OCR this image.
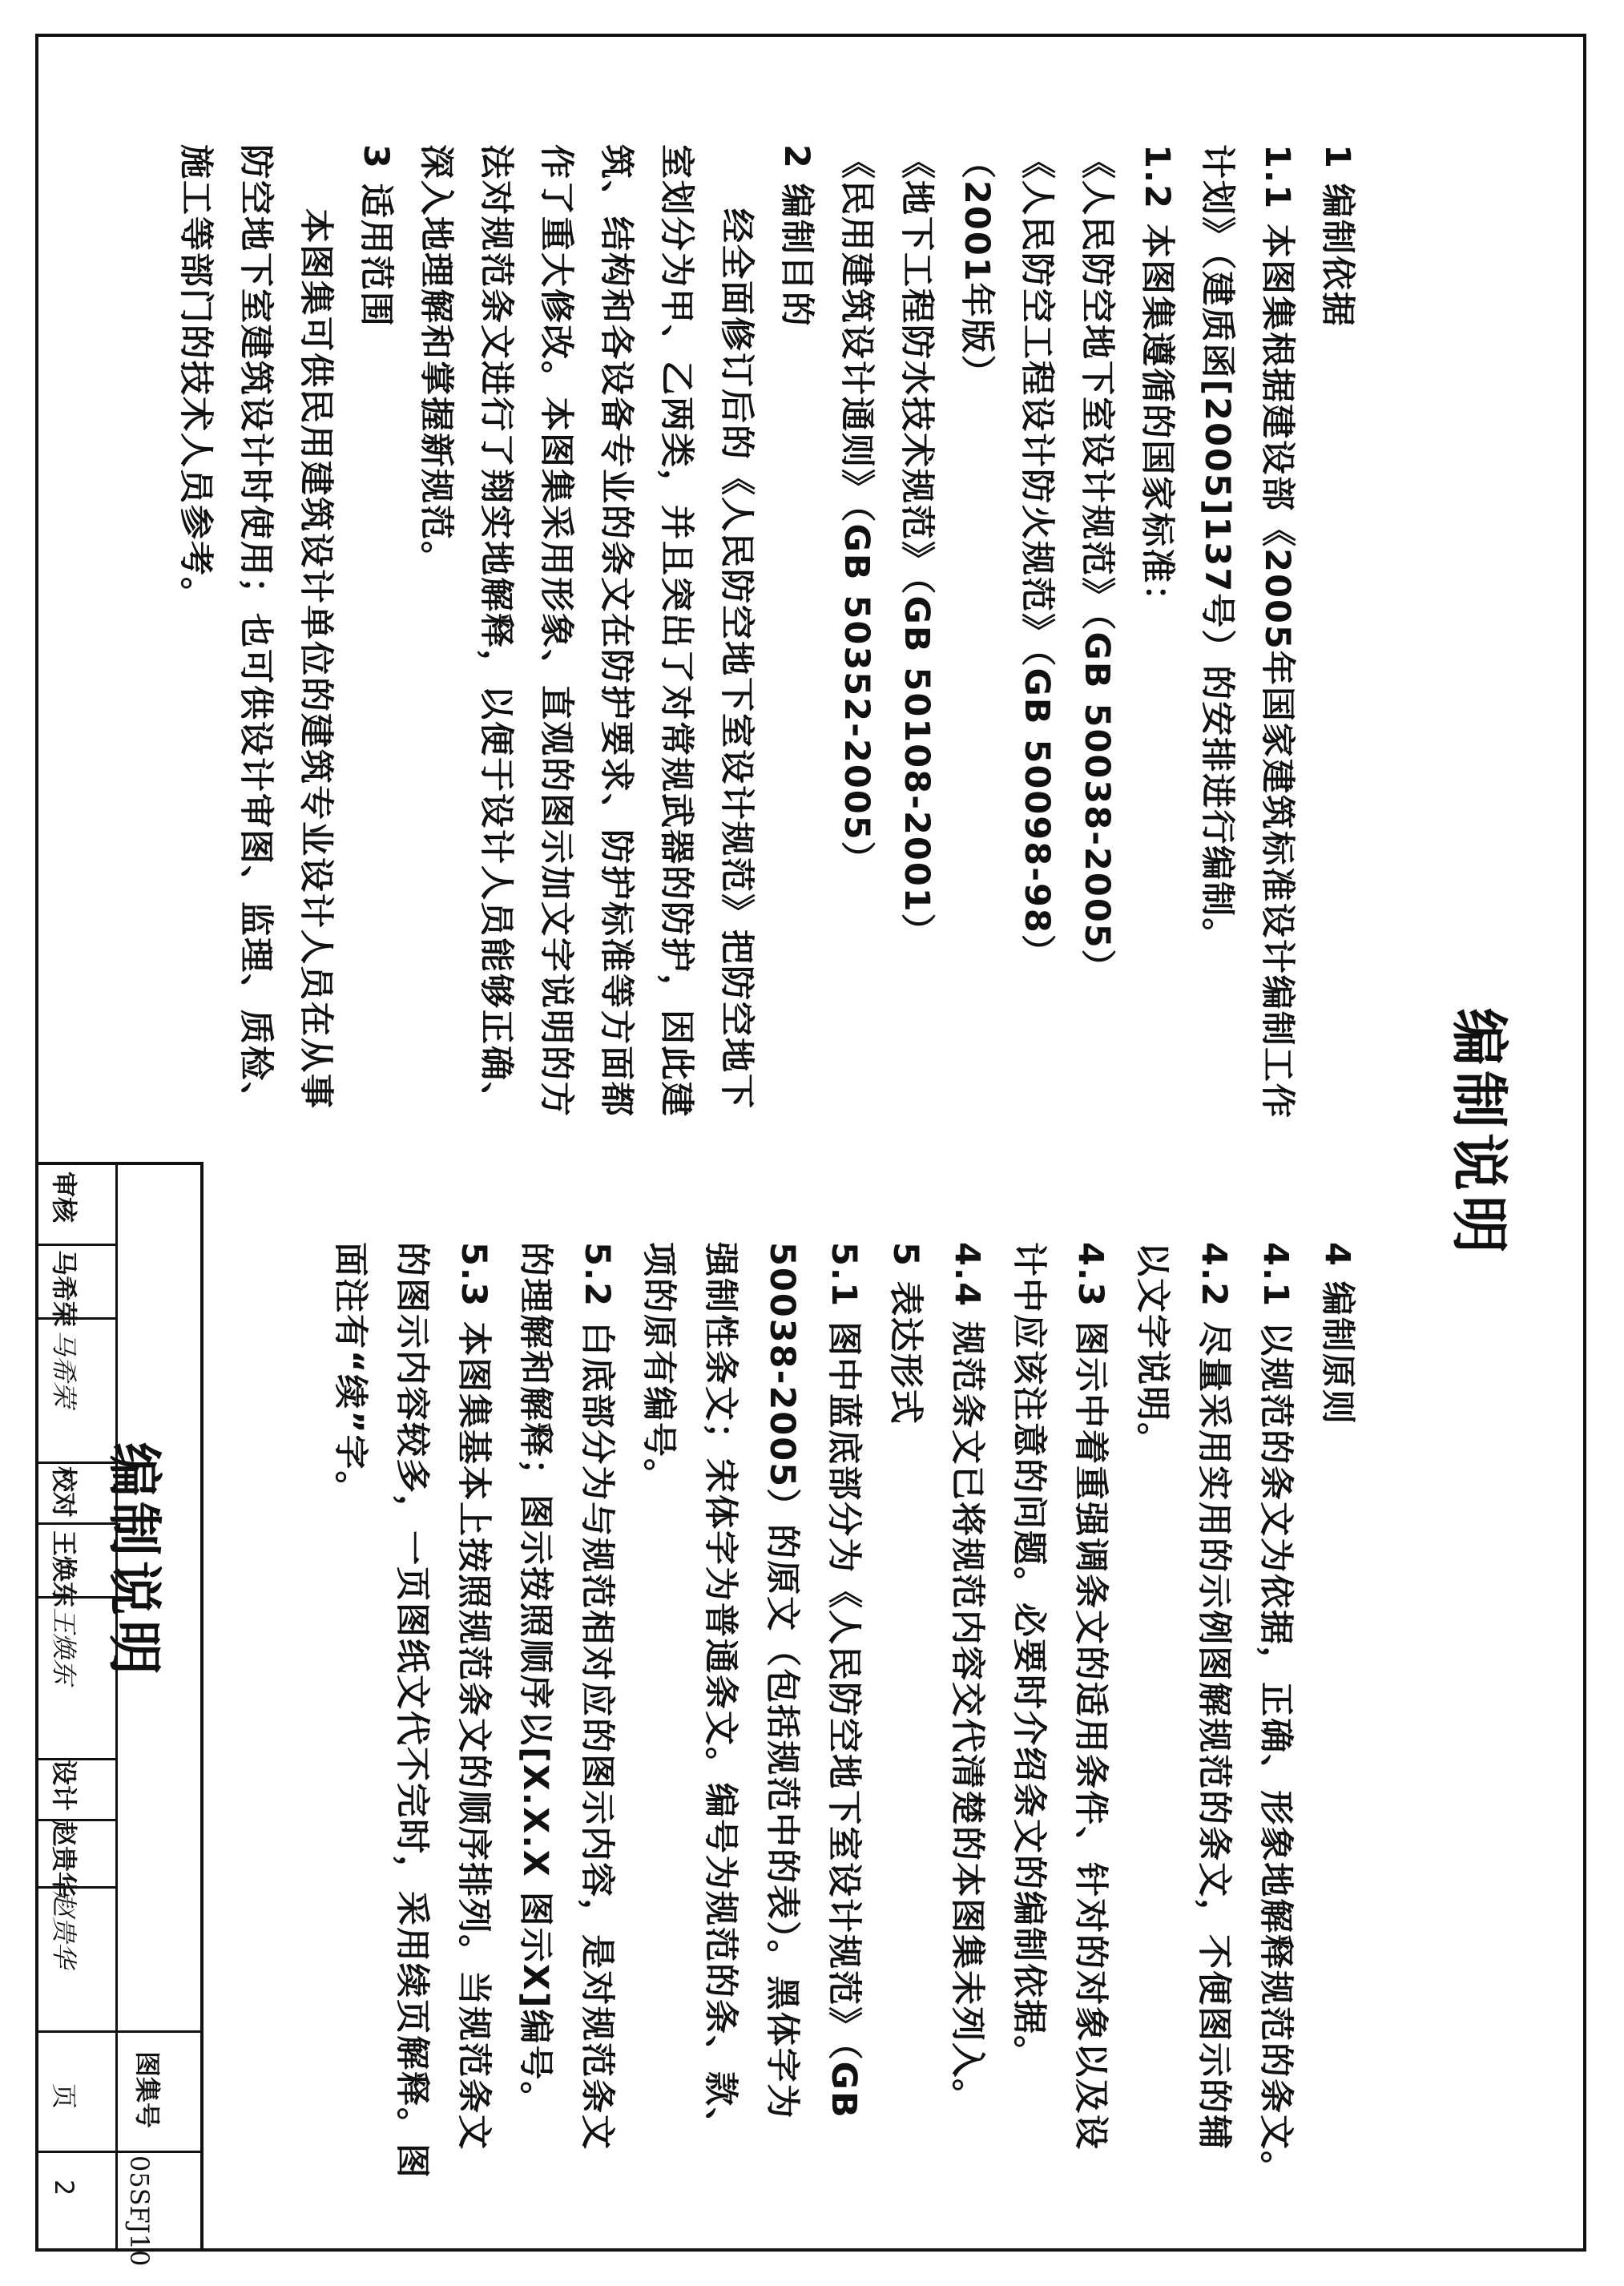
编制说明
1 编制依据
1.1 本图集根据建设部《2005年国家建筑标准设计编制工作
计划》（建质函[2005]137号）的安排进行编制。
1.2 本图集遵循的国家标准：
《人民防空地下室设计规范》（GB 50038-2005）
《人民防空工程设计防火规范》（GB 50098-98）
（2001年版）
《地下工程防水技术规范》（GB 50108-2001）
《民用建筑设计通则》（GB 50352-2005）
2 编制目的
经全面修订后的《人民防空地下室设计规范》把防空地下
室划分为甲、乙两类，并且突出了对常规武器的防护，因此建
筑、结构和各设备专业的条文在防护要求、防护标准等方面都
作了重大修改。本图集采用形象、直观的图示加文字说明的方
法对规范条文进行了翔实地解释，以便于设计人员能够正确、
深入地理解和掌握新规范。
3 适用范围
本图集可供民用建筑设计单位的建筑专业设计人员在从事
防空地下室建筑设计时使用；也可供设计审图、监理、质检、
施工等部门的技术人员参考。
4 编制原则
4.1 以规范的条文为依据，正确、形象地解释规范的条文。
4.2 尽量采用实用的示例图解规范的条文，不便图示的辅
以文字说明。
4.3 图示中着重强调条文的适用条件、针对的对象以及设
计中应该注意的问题。必要时介绍条文的编制依据。
4.4 规范条文已将规范内容交代清楚的本图集未列入。
5 表达形式
5.1 图中蓝底部分为《人民防空地下室设计规范》（GB
50038-2005）的原文（包括规范中的表）。黑体字为
强制性条文；宋体字为普通条文。编号为规范的条、款、
项的原有编号。
5.2 白底部分为与规范相对应的图示内容，是对规范条文
的理解和解释；图示按照顺序以[X.X.X 图示X]编号。
5.3 本图集基本上按照规范条文的顺序排列。当规范条文
的图示内容较多，一页图纸文代不完时，采用续页解释。图
面注有“续”字。
编制说明
图集号
05SFJ10
页
2
审核
马希荣
马希荣
校对
王焕东
王焕东
设计
赵贵华
赵贵华
